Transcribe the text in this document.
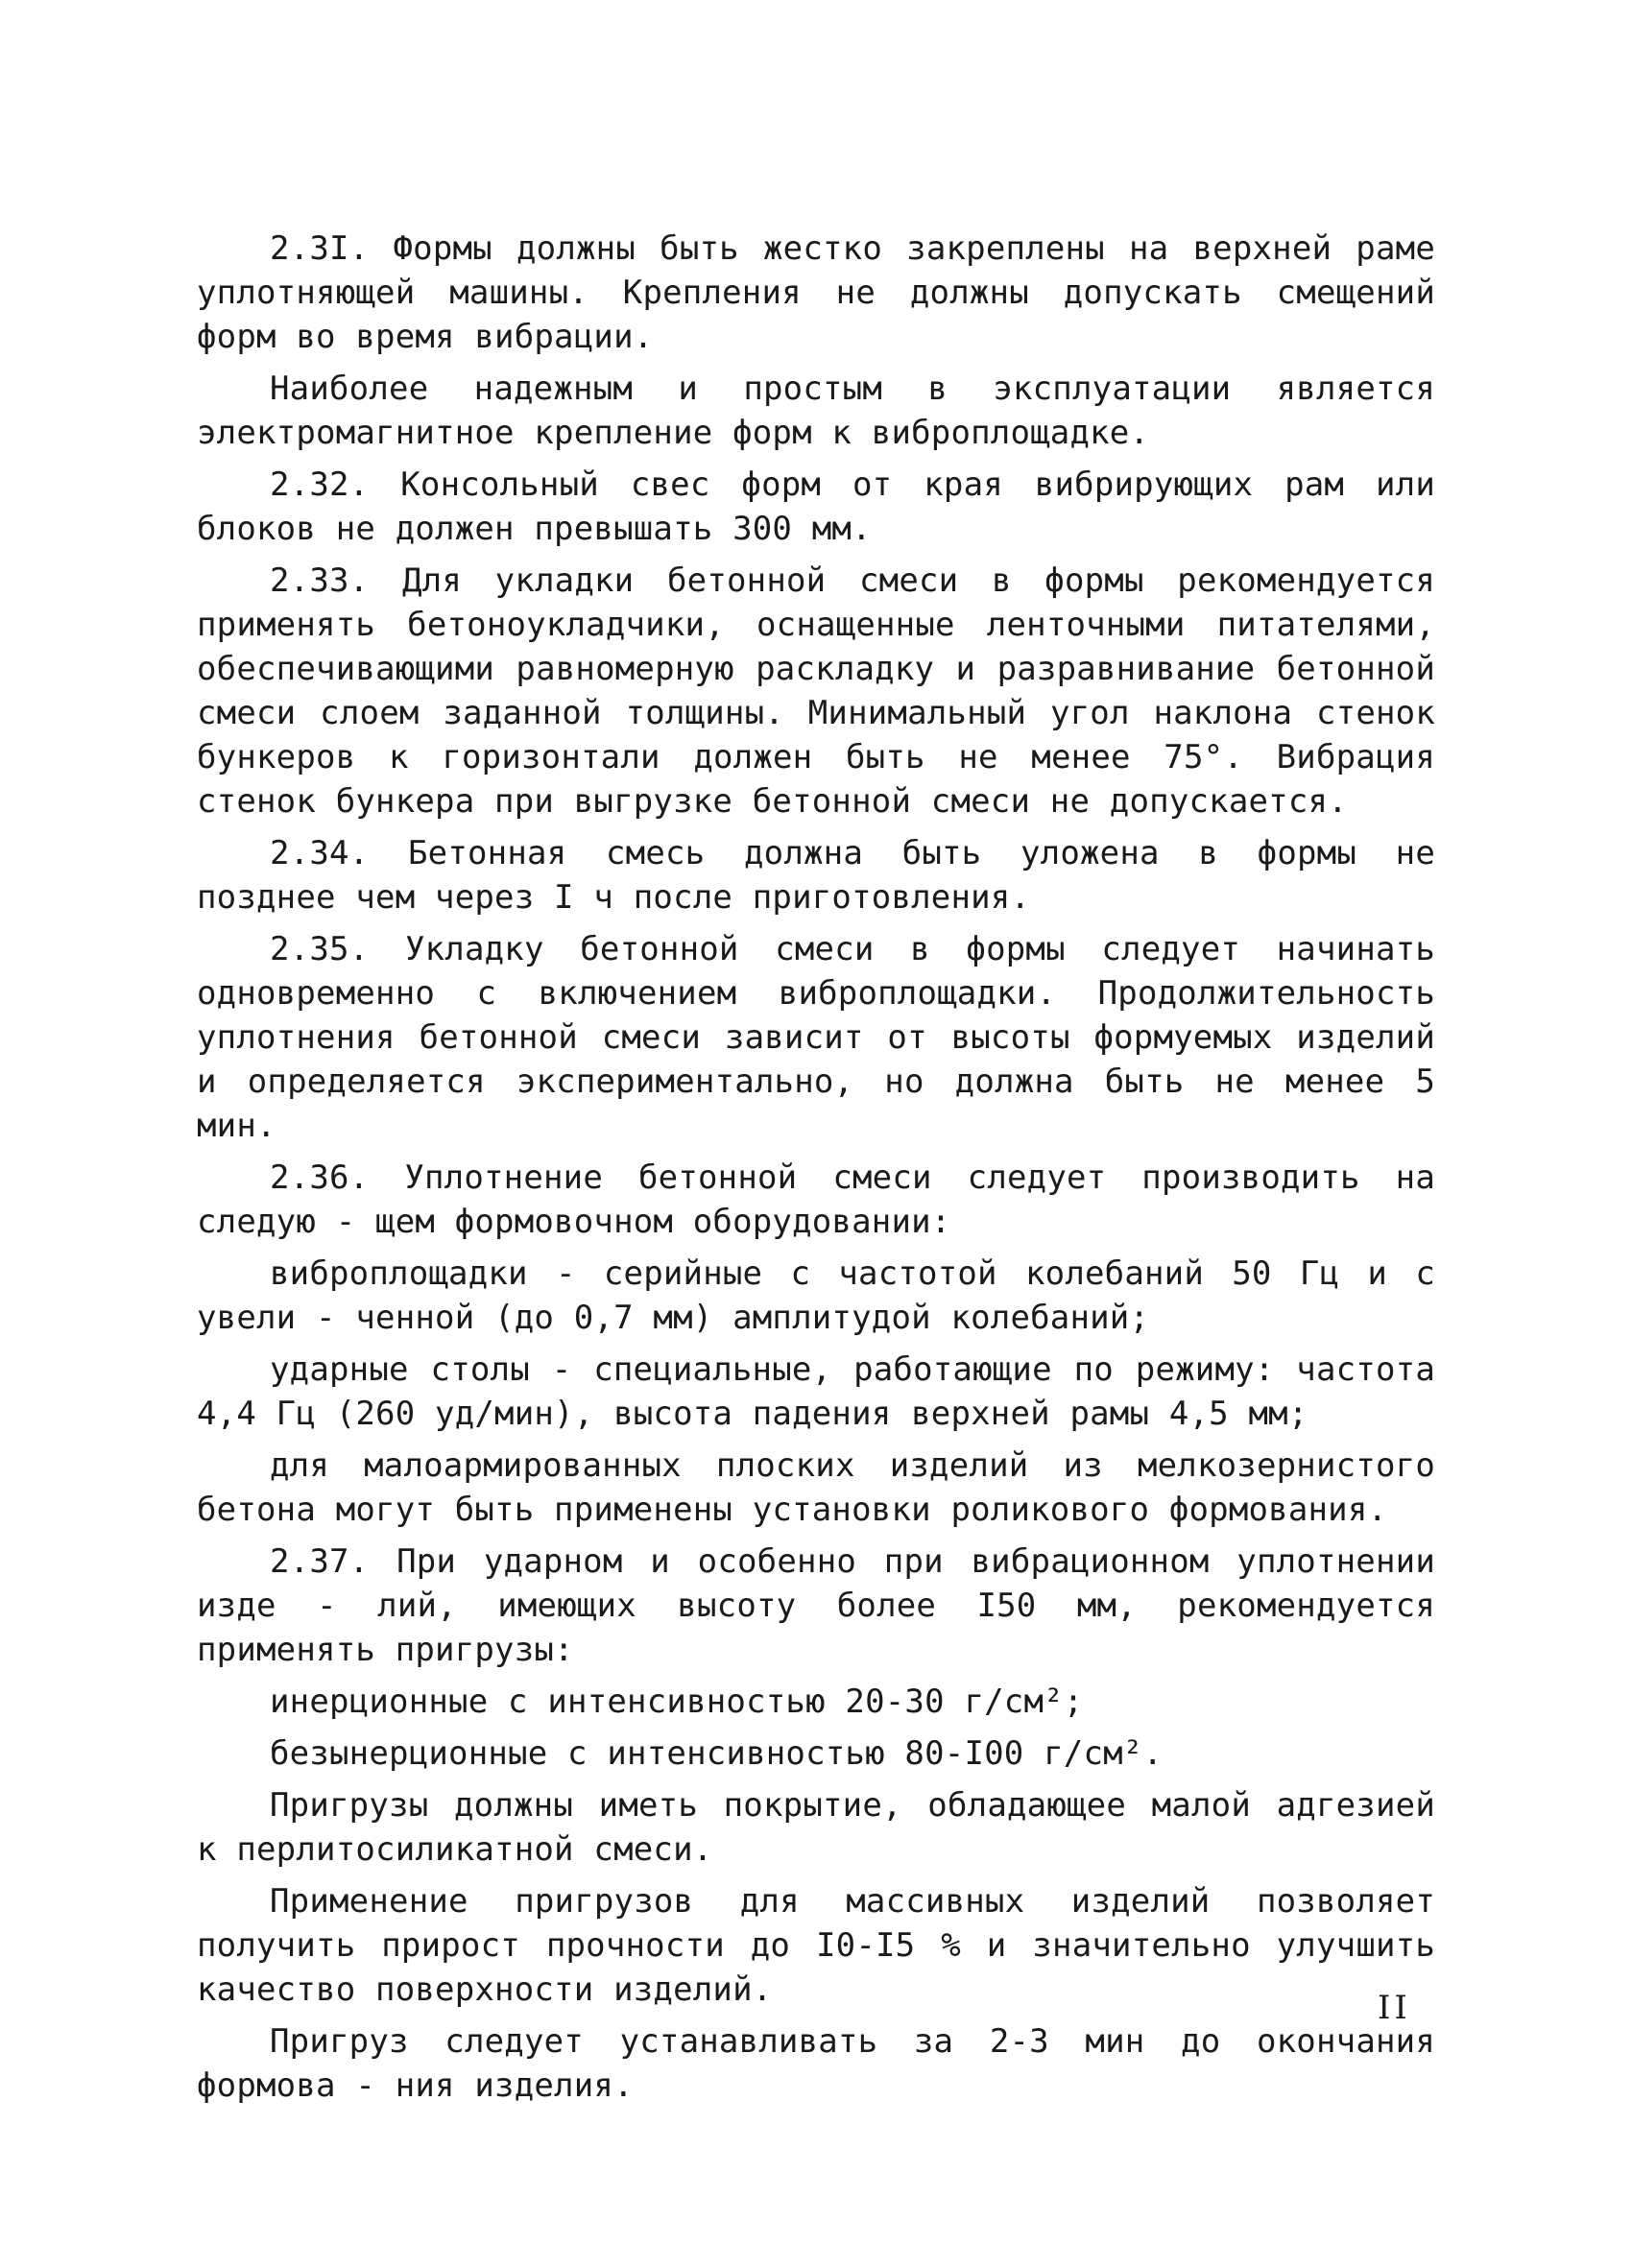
2.3I. Формы должны быть жестко закреплены на верхней раме уплотняющей машины. Крепления не должны допускать смещений форм во время вибрации.

Наиболее надежным и простым в эксплуатации является электромагнитное крепление форм к виброплощадке.

2.32. Консольный свес форм от края вибрирующих рам или блоков не должен превышать 300 мм.

2.33. Для укладки бетонной смеси в формы рекомендуется применять бетоноукладчики, оснащенные ленточными питателями, обеспечивающими равномерную раскладку и разравнивание бетонной смеси слоем заданной толщины. Минимальный угол наклона стенок бункеров к горизонтали должен быть не менее 75°. Вибрация стенок бункера при выгрузке бетонной смеси не допускается.

2.34. Бетонная смесь должна быть уложена в формы не позднее чем через I ч после приготовления.

2.35. Укладку бетонной смеси в формы следует начинать одновременно с включением виброплощадки. Продолжительность уплотнения бетонной смеси зависит от высоты формуемых изделий и определяется экспериментально, но должна быть не менее 5 мин.

2.36. Уплотнение бетонной смеси следует производить на следую - щем формовочном оборудовании:

виброплощадки - серийные с частотой колебаний 50 Гц и с увели - ченной (до 0,7 мм) амплитудой колебаний;

ударные столы - специальные, работающие по режиму: частота 4,4 Гц (260 уд/мин), высота падения верхней рамы 4,5 мм;

для малоармированных плоских изделий из мелкозернистого бетона могут быть применены установки роликового формования.

2.37. При ударном и особенно при вибрационном уплотнении изде - лий, имеющих высоту более I50 мм, рекомендуется применять пригрузы:

инерционные с интенсивностью 20-30 г/см²;

безынерционные с интенсивностью 80-I00 г/см².

Пригрузы должны иметь покрытие, обладающее малой адгезией к перлитосиликатной смеси.

Применение пригрузов для массивных изделий позволяет получить прирост прочности до I0-I5 % и значительно улучшить качество поверхности изделий.

Пригруз следует устанавливать за 2-3 мин до окончания формова - ния изделия.

II
